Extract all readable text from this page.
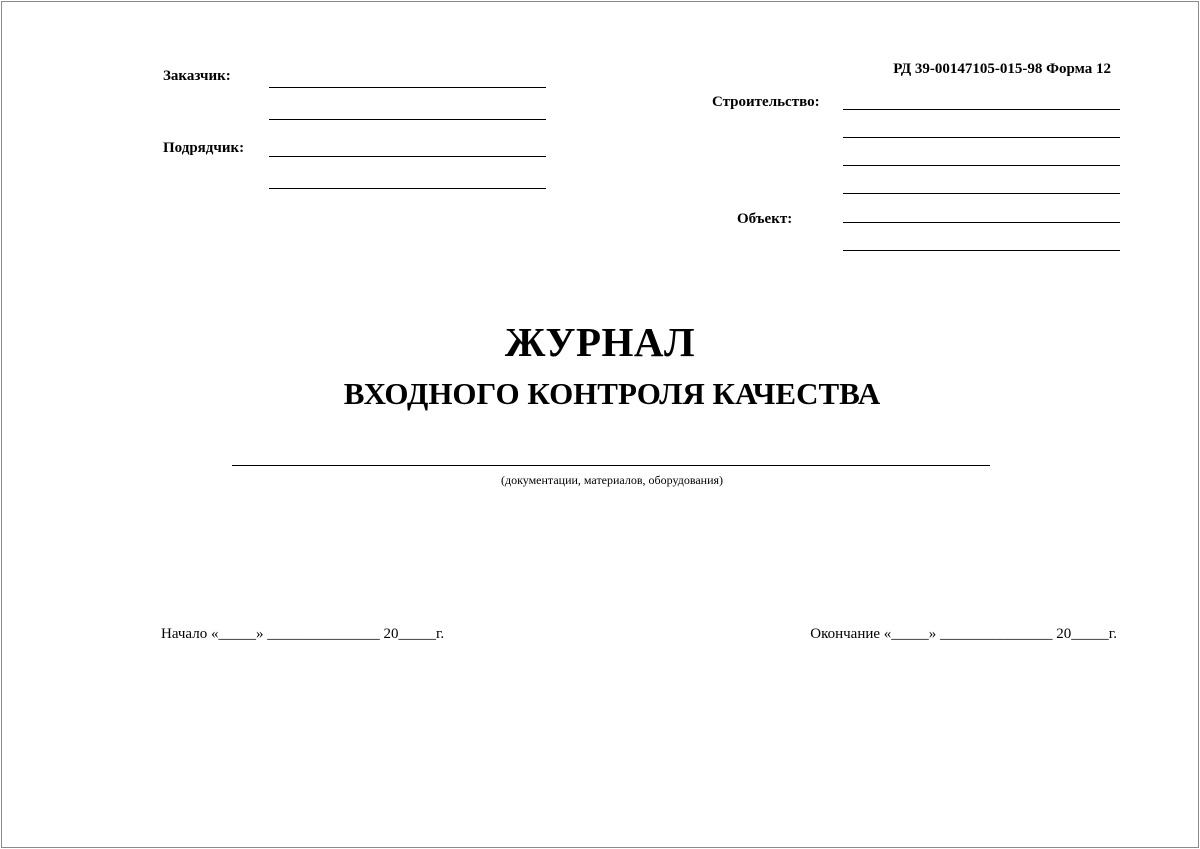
Заказчик:
Подрядчик:
РД 39-00147105-015-98 Форма 12
Строительство:
Объект:
ЖУРНАЛ
ВХОДНОГО КОНТРОЛЯ КАЧЕСТВА
(документации, материалов, оборудования)
Начало «_____» _______________ 20_____г.	Окончание «_____» _______________ 20_____г.
